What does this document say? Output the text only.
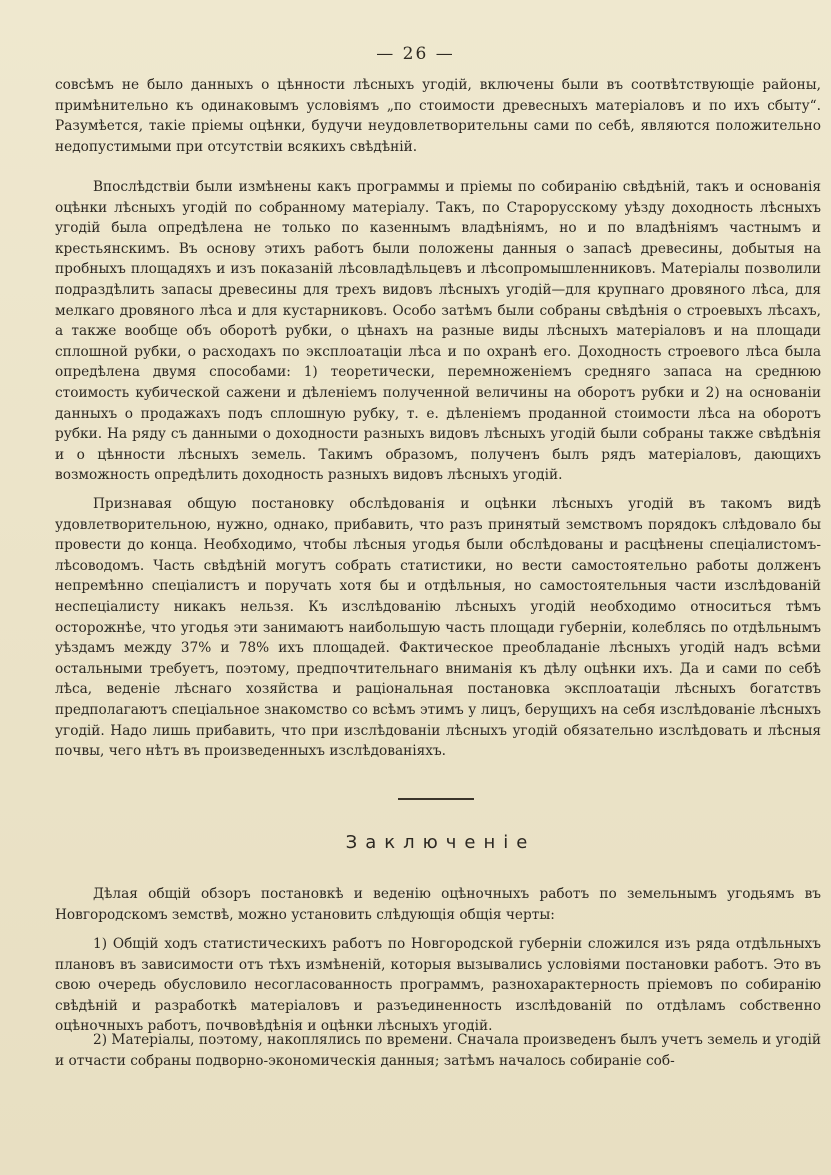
— 26 —

совсѣмъ не было данныхъ о цѣнности лѣсныхъ угодій, включены были въ соотвѣтствующіе районы, примѣнительно къ одинаковымъ условіямъ „по стоимости древесныхъ матеріаловъ и по ихъ сбыту“. Разумѣется, такіе пріемы оцѣнки, будучи неудовлетворительны сами по себѣ, являются положительно недопустимыми при отсутствіи всякихъ свѣдѣній.

Впослѣдствіи были измѣнены какъ программы и пріемы по собиранію свѣдѣній, такъ и основанія оцѣнки лѣсныхъ угодій по собранному матеріалу. Такъ, по Старорусскому уѣзду доходность лѣсныхъ угодій была опредѣлена не только по казеннымъ владѣніямъ, но и по владѣніямъ частнымъ и крестьянскимъ. Въ основу этихъ работъ были положены данныя о запасѣ древесины, добытыя на пробныхъ площадяхъ и изъ показаній лѣсовладѣльцевъ и лѣсопромышленниковъ. Матеріалы позволили подраздѣлить запасы древесины для трехъ видовъ лѣсныхъ угодій—для крупнаго дровяного лѣса, для мелкаго дровяного лѣса и для кустарниковъ. Особо затѣмъ были собраны свѣдѣнія о строевыхъ лѣсахъ, а также вообще объ оборотѣ рубки, о цѣнахъ на разные виды лѣсныхъ матеріаловъ и на площади сплошной рубки, о расходахъ по эксплоатаціи лѣса и по охранѣ его. Доходность строевого лѣса была опредѣлена двумя способами: 1) теоретически, перемноженіемъ средняго запаса на среднюю стоимость кубической сажени и дѣленіемъ полученной величины на оборотъ рубки и 2) на основаніи данныхъ о продажахъ подъ сплошную рубку, т. е. дѣленіемъ проданной стоимости лѣса на оборотъ рубки. На ряду съ данными о доходности разныхъ видовъ лѣсныхъ угодій были собраны также свѣдѣнія и о цѣнности лѣсныхъ земель. Такимъ образомъ, полученъ былъ рядъ матеріаловъ, дающихъ возможность опредѣлить доходность разныхъ видовъ лѣсныхъ угодій.

Признавая общую постановку обслѣдованія и оцѣнки лѣсныхъ угодій въ такомъ видѣ удовлетворительною, нужно, однако, прибавить, что разъ принятый земствомъ порядокъ слѣдовало бы провести до конца. Необходимо, чтобы лѣсныя угодья были обслѣдованы и расцѣнены спеціалистомъ-лѣсоводомъ. Часть свѣдѣній могутъ собрать статистики, но вести самостоятельно работы долженъ непремѣнно спеціалистъ и поручать хотя бы и отдѣльныя, но самостоятельныя части изслѣдованій неспеціалисту никакъ нельзя. Къ изслѣдованію лѣсныхъ угодій необходимо относиться тѣмъ осторожнѣе, что угодья эти занимаютъ наибольшую часть площади губерніи, колеблясь по отдѣльнымъ уѣздамъ между 37% и 78% ихъ площадей. Фактическое преобладаніе лѣсныхъ угодій надъ всѣми остальными требуетъ, поэтому, предпочтительнаго вниманія къ дѣлу оцѣнки ихъ. Да и сами по себѣ лѣса, веденіе лѣснаго хозяйства и раціональная постановка эксплоатаціи лѣсныхъ богатствъ предполагаютъ спеціальное знакомство со всѣмъ этимъ у лицъ, берущихъ на себя изслѣдованіе лѣсныхъ угодій. Надо лишь прибавить, что при изслѣдованіи лѣсныхъ угодій обязательно изслѣдовать и лѣсныя почвы, чего нѣтъ въ произведенныхъ изслѣдованіяхъ.

Заключеніе

Дѣлая общій обзоръ постановкѣ и веденію оцѣночныхъ работъ по земельнымъ угодьямъ въ Новгородскомъ земствѣ, можно установить слѣдующія общія черты:

1) Общій ходъ статистическихъ работъ по Новгородской губерніи сложился изъ ряда отдѣльныхъ плановъ въ зависимости отъ тѣхъ измѣненій, которыя вызывались условіями постановки работъ. Это въ свою очередь обусловило несогласованность программъ, разнохарактерность пріемовъ по собиранію свѣдѣній и разработкѣ матеріаловъ и разъединенность изслѣдованій по отдѣламъ собственно оцѣночныхъ работъ, почвовѣдѣнія и оцѣнки лѣсныхъ угодій.

2) Матеріалы, поэтому, накоплялись по времени. Сначала произведенъ былъ учетъ земель и угодій и отчасти собраны подворно-экономическія данныя; затѣмъ началось собираніе соб-
